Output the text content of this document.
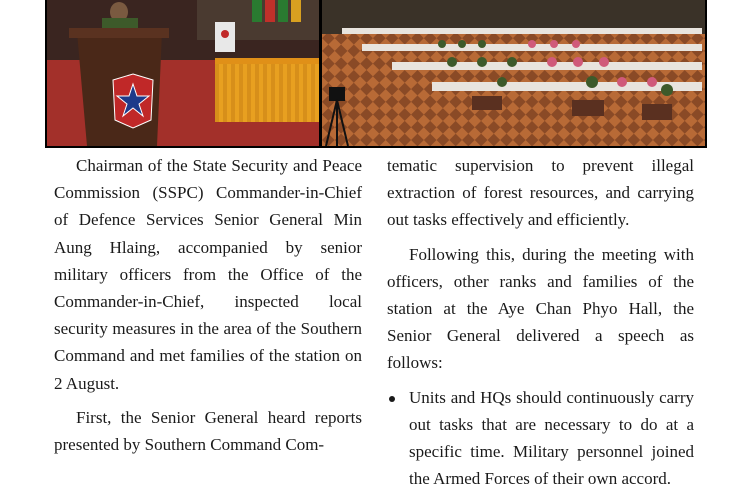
Chairman of the State Security and Peace Commission (SSPC) Commander-in-Chief of Defence Services Senior General Min Aung Hlaing, accompanied by senior military officers from the Office of the Commander-in-Chief, inspected local security measures in the area of the Southern Command and met families of the station on 2 August.

First, the Senior General heard reports presented by Southern Command Com-

tematic supervision to prevent illegal extraction of forest resources, and carrying out tasks effectively and efficiently.

Following this, during the meeting with officers, other ranks and families of the station at the Aye Chan Phyo Hall, the Senior General delivered a speech as follows:

Units and HQs should continuously carry out tasks that are necessary to do at a specific time. Military personnel joined the Armed Forces of their own accord.
